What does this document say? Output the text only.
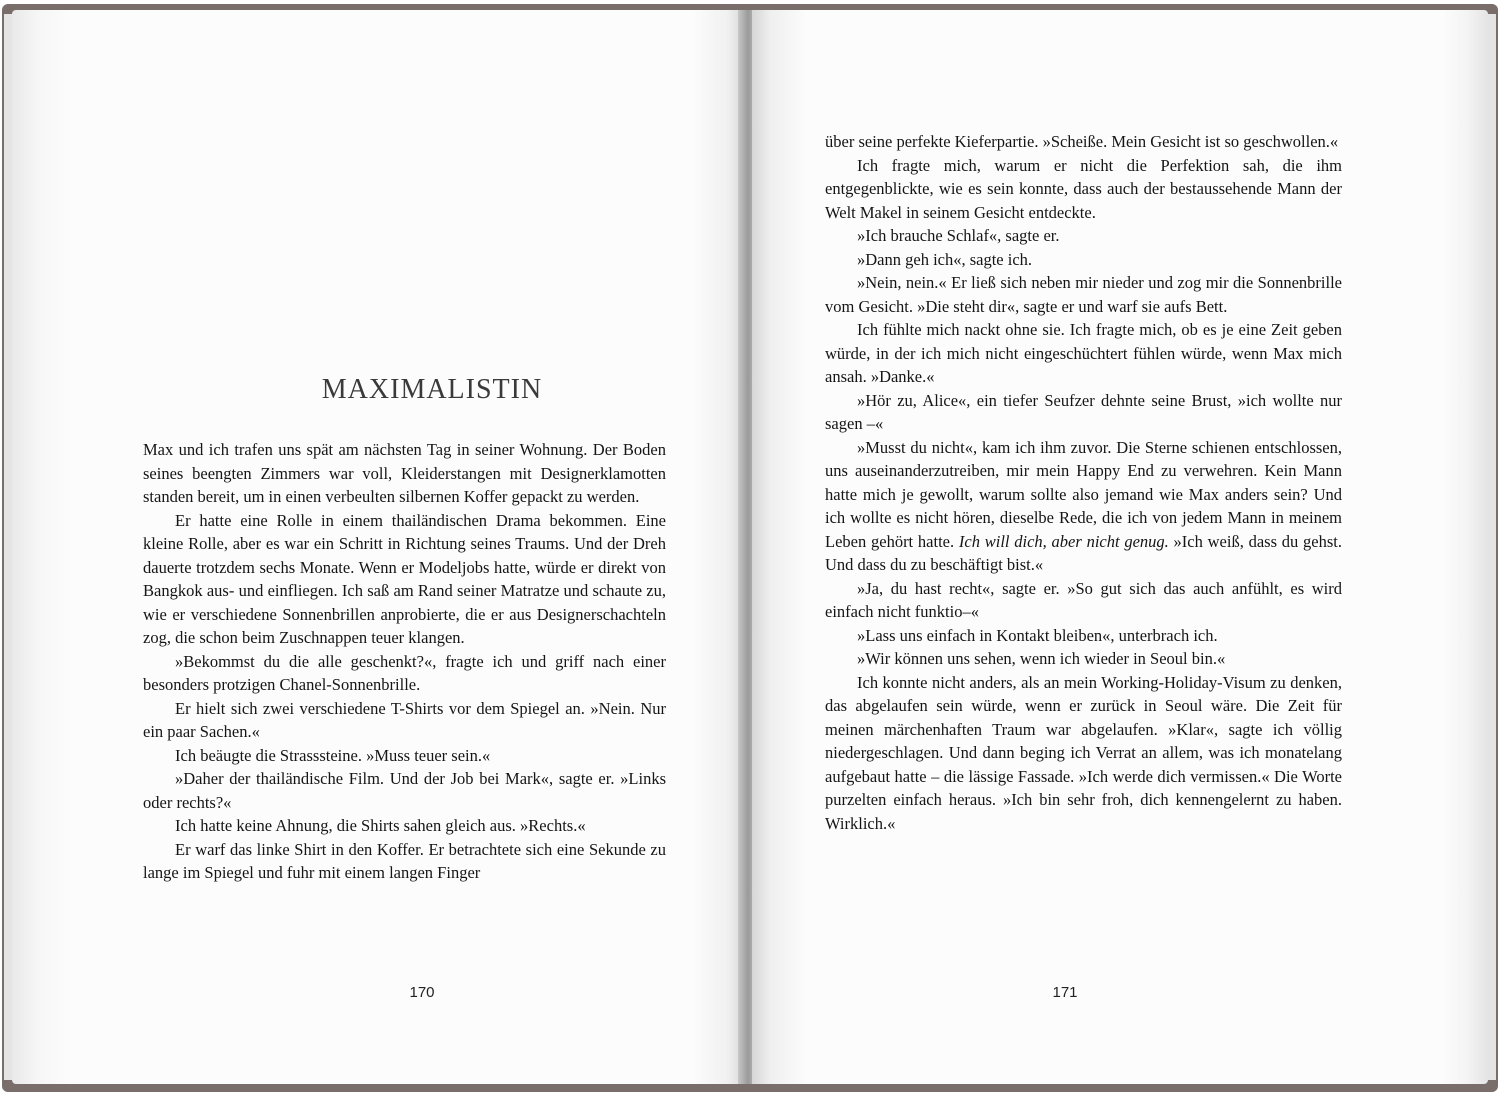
MAXIMALISTIN

Max und ich trafen uns spät am nächsten Tag in seiner Wohnung. Der Boden seines beengten Zimmers war voll, Kleiderstangen mit Designerklamotten standen bereit, um in einen verbeulten silbernen Koffer gepackt zu werden.

Er hatte eine Rolle in einem thailändischen Drama bekommen. Eine kleine Rolle, aber es war ein Schritt in Richtung seines Traums. Und der Dreh dauerte trotzdem sechs Monate. Wenn er Modeljobs hatte, würde er direkt von Bangkok aus- und einfliegen. Ich saß am Rand seiner Matratze und schaute zu, wie er verschiedene Sonnenbrillen anprobierte, die er aus Designerschachteln zog, die schon beim Zuschnappen teuer klangen.

»Bekommst du die alle geschenkt?«, fragte ich und griff nach einer besonders protzigen Chanel-Sonnenbrille.

Er hielt sich zwei verschiedene T-Shirts vor dem Spiegel an. »Nein. Nur ein paar Sachen.«

Ich beäugte die Strasssteine. »Muss teuer sein.«

»Daher der thailändische Film. Und der Job bei Mark«, sagte er. »Links oder rechts?«

Ich hatte keine Ahnung, die Shirts sahen gleich aus. »Rechts.«

Er warf das linke Shirt in den Koffer. Er betrachtete sich eine Sekunde zu lange im Spiegel und fuhr mit einem langen Finger

170

über seine perfekte Kieferpartie. »Scheiße. Mein Gesicht ist so geschwollen.«

Ich fragte mich, warum er nicht die Perfektion sah, die ihm entgegenblickte, wie es sein konnte, dass auch der bestaussehende Mann der Welt Makel in seinem Gesicht entdeckte.

»Ich brauche Schlaf«, sagte er.

»Dann geh ich«, sagte ich.

»Nein, nein.« Er ließ sich neben mir nieder und zog mir die Sonnenbrille vom Gesicht. »Die steht dir«, sagte er und warf sie aufs Bett.

Ich fühlte mich nackt ohne sie. Ich fragte mich, ob es je eine Zeit geben würde, in der ich mich nicht eingeschüchtert fühlen würde, wenn Max mich ansah. »Danke.«

»Hör zu, Alice«, ein tiefer Seufzer dehnte seine Brust, »ich wollte nur sagen –«

»Musst du nicht«, kam ich ihm zuvor. Die Sterne schienen entschlossen, uns auseinanderzutreiben, mir mein Happy End zu verwehren. Kein Mann hatte mich je gewollt, warum sollte also jemand wie Max anders sein? Und ich wollte es nicht hören, dieselbe Rede, die ich von jedem Mann in meinem Leben gehört hatte. Ich will dich, aber nicht genug. »Ich weiß, dass du gehst. Und dass du zu beschäftigt bist.«

»Ja, du hast recht«, sagte er. »So gut sich das auch anfühlt, es wird einfach nicht funktio–«

»Lass uns einfach in Kontakt bleiben«, unterbrach ich.

»Wir können uns sehen, wenn ich wieder in Seoul bin.«

Ich konnte nicht anders, als an mein Working-Holiday-Visum zu denken, das abgelaufen sein würde, wenn er zurück in Seoul wäre. Die Zeit für meinen märchenhaften Traum war abgelaufen. »Klar«, sagte ich völlig niedergeschlagen. Und dann beging ich Verrat an allem, was ich monatelang aufgebaut hatte – die lässige Fassade. »Ich werde dich vermissen.« Die Worte purzelten einfach heraus. »Ich bin sehr froh, dich kennengelernt zu haben. Wirklich.«

171
